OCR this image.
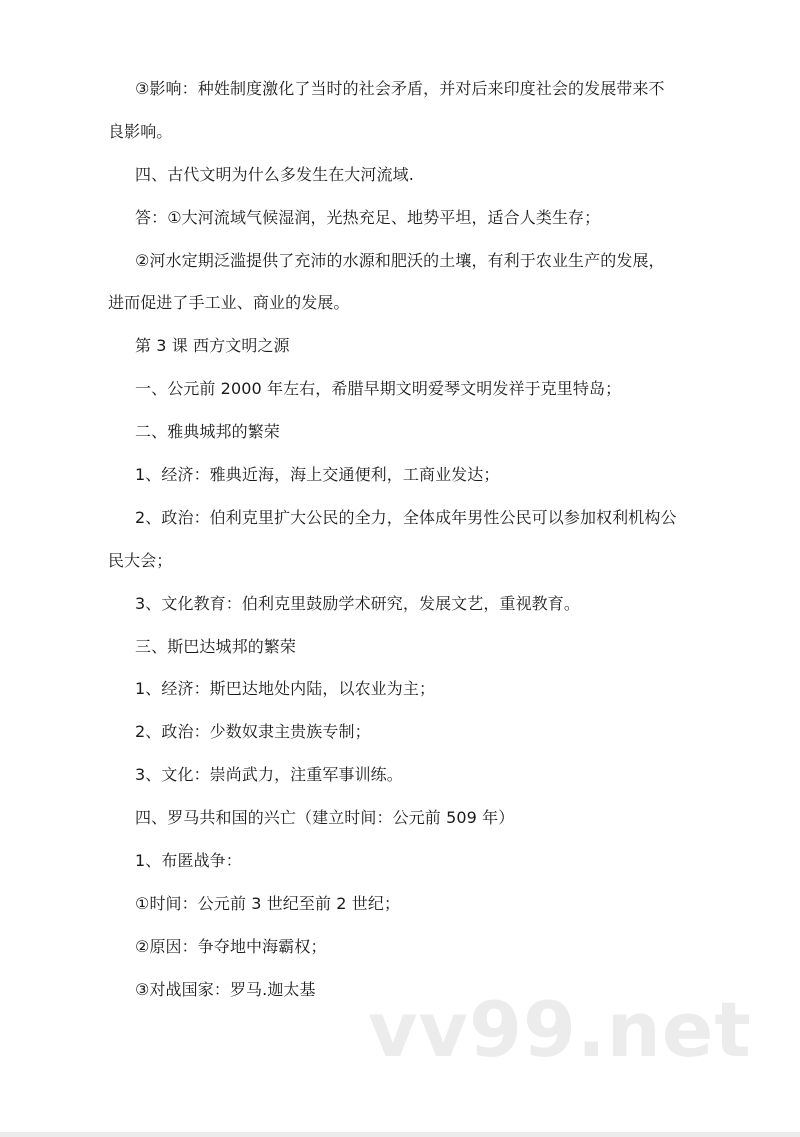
③影响：种姓制度激化了当时的社会矛盾，并对后来印度社会的发展带来不
良影响。
四、古代文明为什么多发生在大河流域.
答：①大河流域气候湿润，光热充足、地势平坦，适合人类生存；
②河水定期泛滥提供了充沛的水源和肥沃的土壤，有利于农业生产的发展，
进而促进了手工业、商业的发展。
第 3 课 西方文明之源
一、公元前 2000 年左右，希腊早期文明爱琴文明发祥于克里特岛；
二、雅典城邦的繁荣
1、经济：雅典近海，海上交通便利，工商业发达；
2、政治：伯利克里扩大公民的全力，全体成年男性公民可以参加权利机构公
民大会；
3、文化教育：伯利克里鼓励学术研究，发展文艺，重视教育。
三、斯巴达城邦的繁荣
1、经济：斯巴达地处内陆，以农业为主；
2、政治：少数奴隶主贵族专制；
3、文化：崇尚武力，注重军事训练。
四、罗马共和国的兴亡（建立时间：公元前 509 年）
1、布匿战争：
①时间：公元前 3 世纪至前 2 世纪；
②原因：争夺地中海霸权；
③对战国家：罗马.迦太基 vv99.net
